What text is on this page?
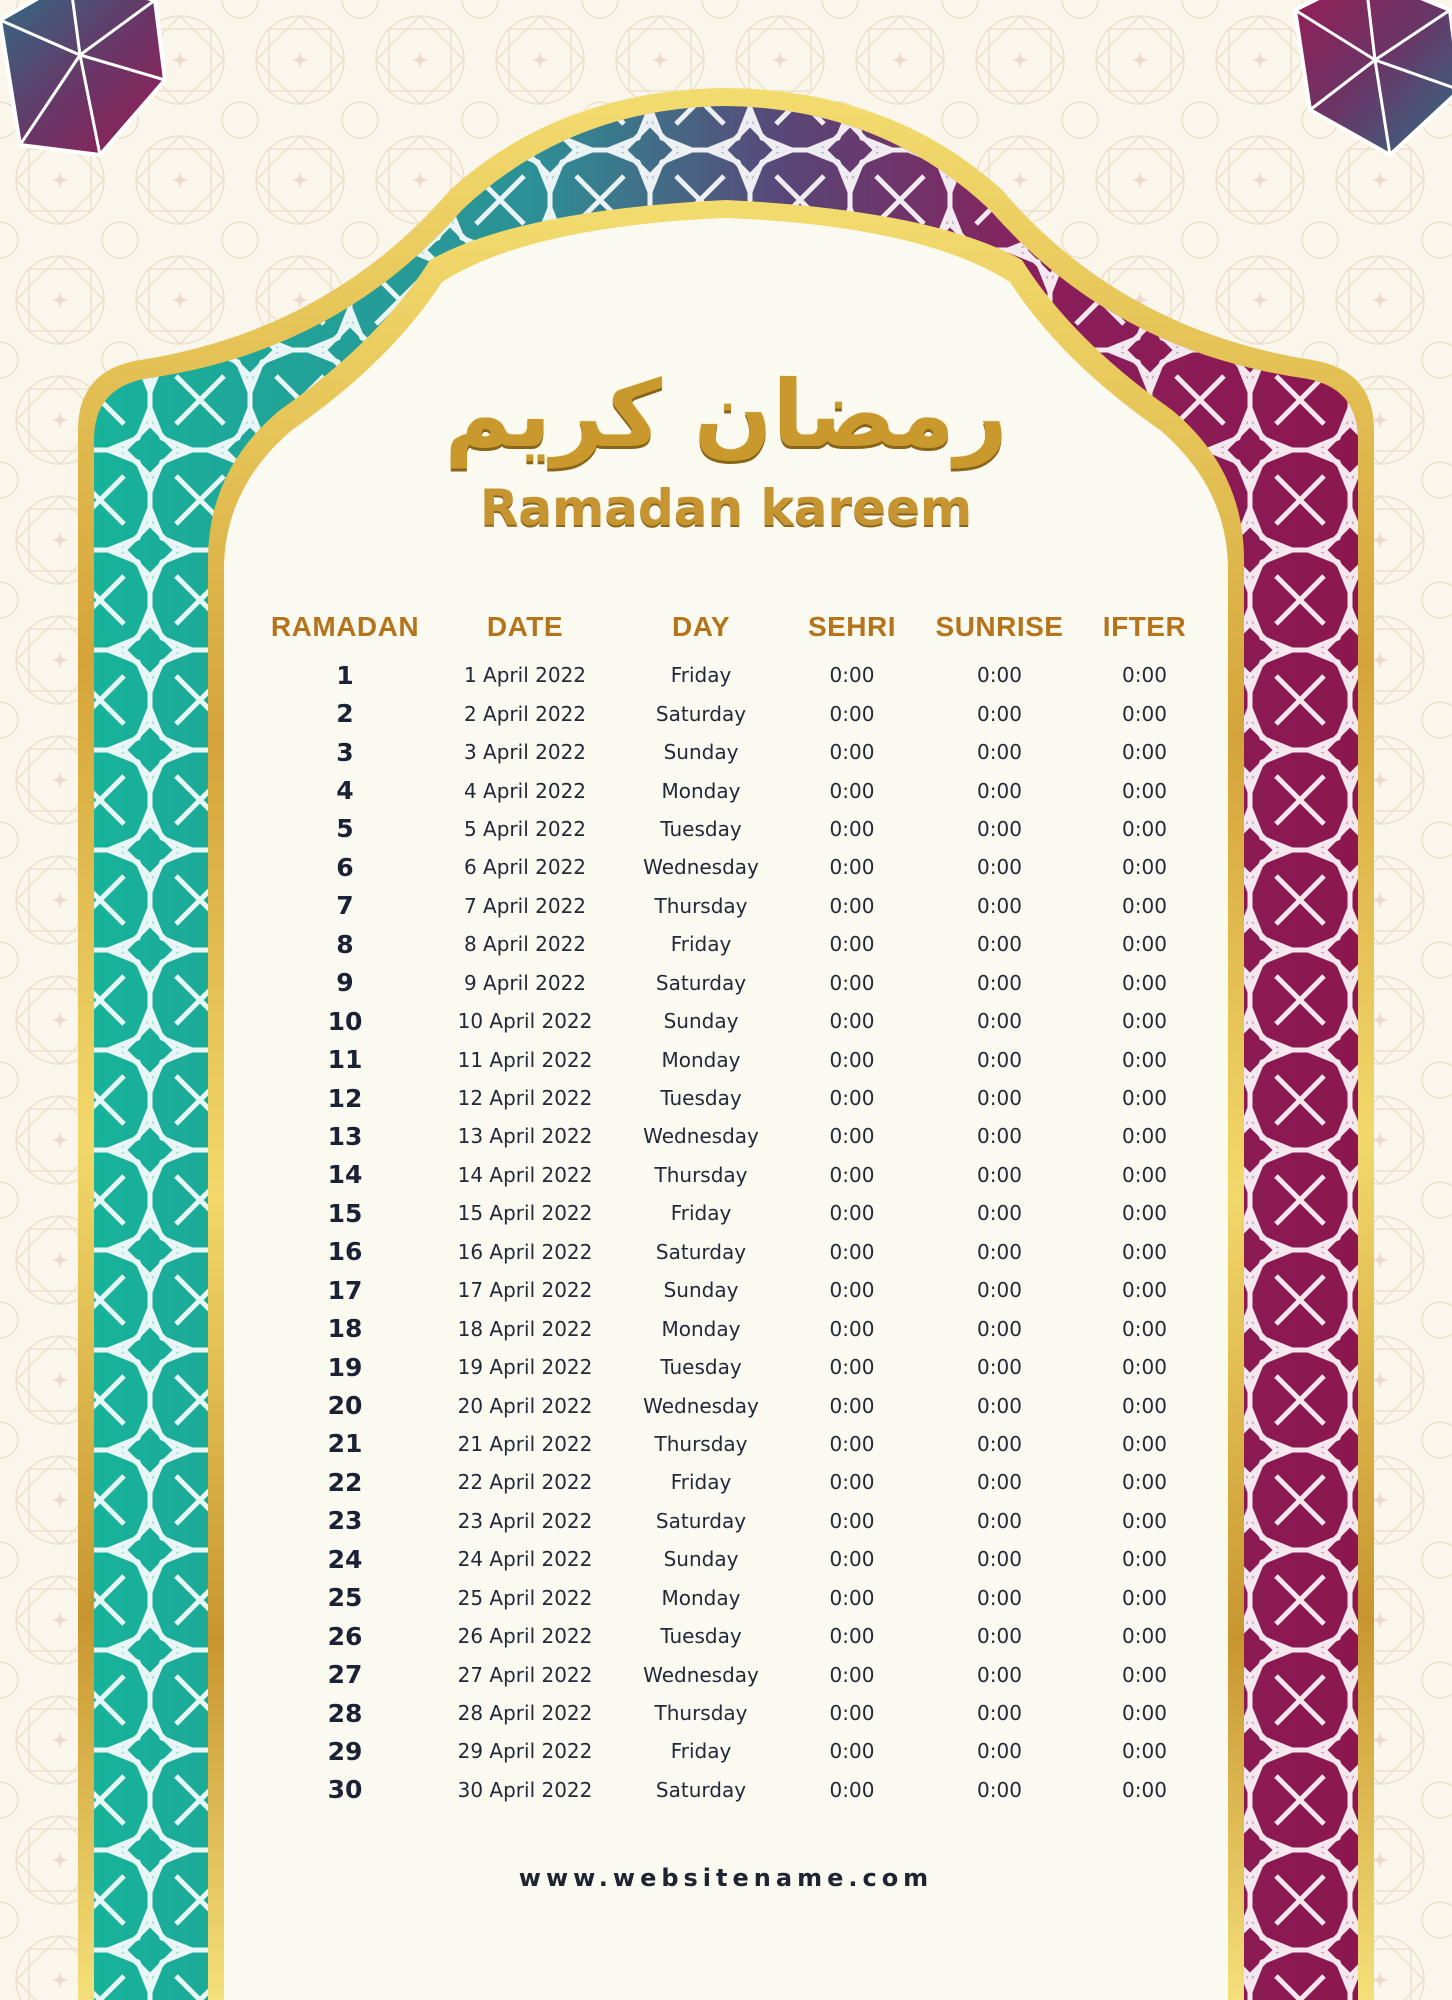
رمضان كريم
Ramadan kareem
RAMADAN	DATE	DAY	SEHRI	SUNRISE	IFTER
1	1 April 2022	Friday	0:00	0:00	0:00
2	2 April 2022	Saturday	0:00	0:00	0:00
3	3 April 2022	Sunday	0:00	0:00	0:00
4	4 April 2022	Monday	0:00	0:00	0:00
5	5 April 2022	Tuesday	0:00	0:00	0:00
6	6 April 2022	Wednesday	0:00	0:00	0:00
7	7 April 2022	Thursday	0:00	0:00	0:00
8	8 April 2022	Friday	0:00	0:00	0:00
9	9 April 2022	Saturday	0:00	0:00	0:00
10	10 April 2022	Sunday	0:00	0:00	0:00
11	11 April 2022	Monday	0:00	0:00	0:00
12	12 April 2022	Tuesday	0:00	0:00	0:00
13	13 April 2022	Wednesday	0:00	0:00	0:00
14	14 April 2022	Thursday	0:00	0:00	0:00
15	15 April 2022	Friday	0:00	0:00	0:00
16	16 April 2022	Saturday	0:00	0:00	0:00
17	17 April 2022	Sunday	0:00	0:00	0:00
18	18 April 2022	Monday	0:00	0:00	0:00
19	19 April 2022	Tuesday	0:00	0:00	0:00
20	20 April 2022	Wednesday	0:00	0:00	0:00
21	21 April 2022	Thursday	0:00	0:00	0:00
22	22 April 2022	Friday	0:00	0:00	0:00
23	23 April 2022	Saturday	0:00	0:00	0:00
24	24 April 2022	Sunday	0:00	0:00	0:00
25	25 April 2022	Monday	0:00	0:00	0:00
26	26 April 2022	Tuesday	0:00	0:00	0:00
27	27 April 2022	Wednesday	0:00	0:00	0:00
28	28 April 2022	Thursday	0:00	0:00	0:00
29	29 April 2022	Friday	0:00	0:00	0:00
30	30 April 2022	Saturday	0:00	0:00	0:00
www.websitename.com
